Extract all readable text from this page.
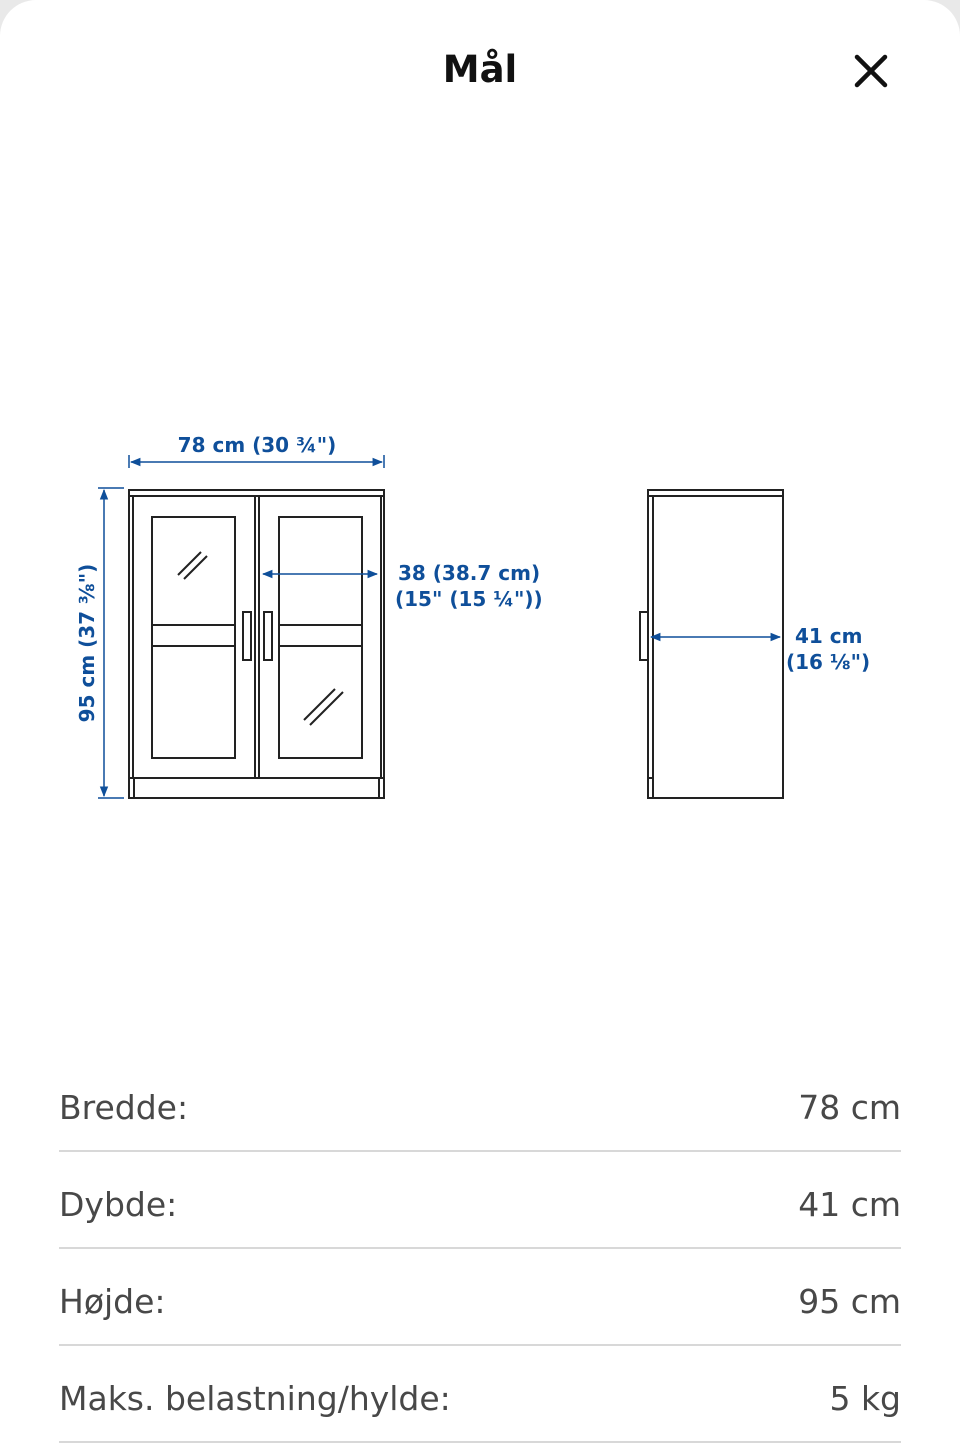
Mål
78 cm (30 ¾")
95 cm (37 ⅜")	38 (38.7 cm)
(15" (15 ¼"))
41 cm
(16 ⅛")
Bredde:	78 cm
Dybde:	41 cm
Højde:	95 cm
Maks. belastning/hylde:	5 kg
